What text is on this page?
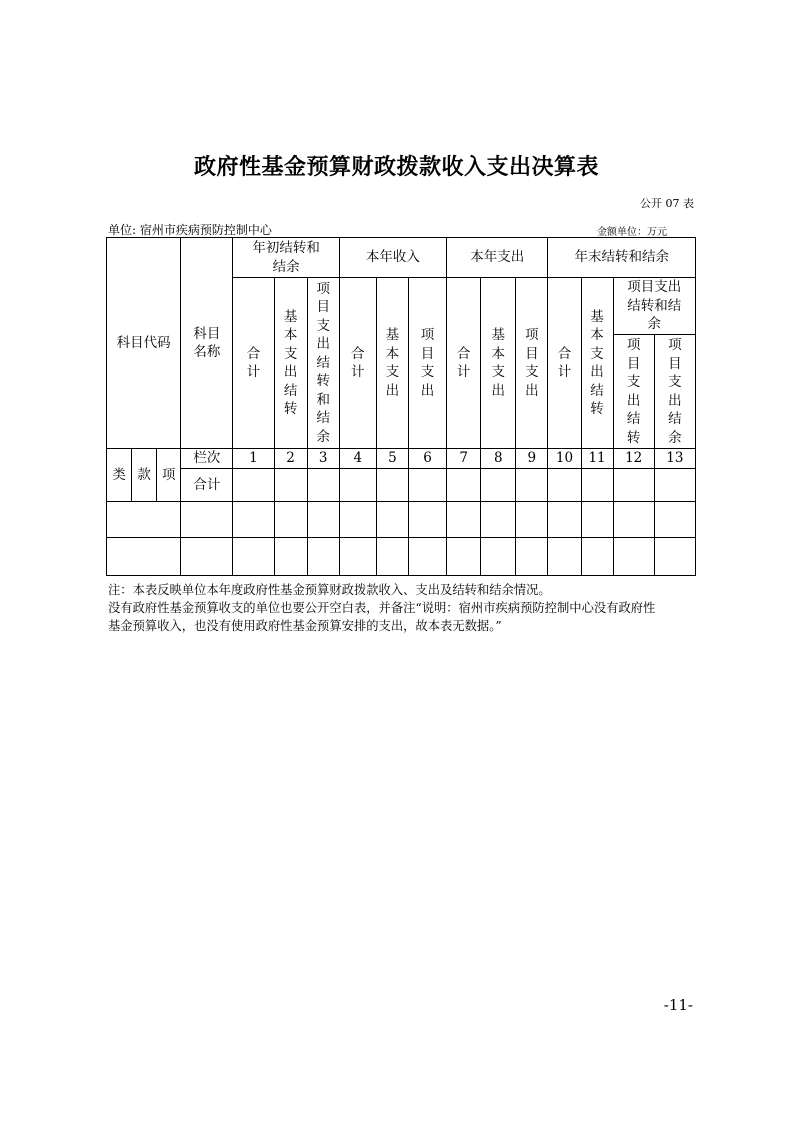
政府性基金预算财政拨款收入支出决算表
公开 07 表
单位: 宿州市疾病预防控制中心	金额单位：万元
科目代码			科目名称	年初结转和结余			本年收入			本年支出			年末结转和结余			
				合计	基本支出结转	项目支出结转和结余	合计	基本支出	项目支出	合计	基本支出	项目支出	合计	基本支出结转	项目支出结转和结余	
															项目支出结转	项目支出结余
类	款	项	栏次	1	2	3	4	5	6	7	8	9	10	11	12	13
			合计													

注：本表反映单位本年度政府性基金预算财政拨款收入、支出及结转和结余情况。

没有政府性基金预算收支的单位也要公开空白表，并备注“说明：宿州市疾病预防控制中心没有政府性

基金预算收入，也没有使用政府性基金预算安排的支出，故本表无数据。”

-11-
